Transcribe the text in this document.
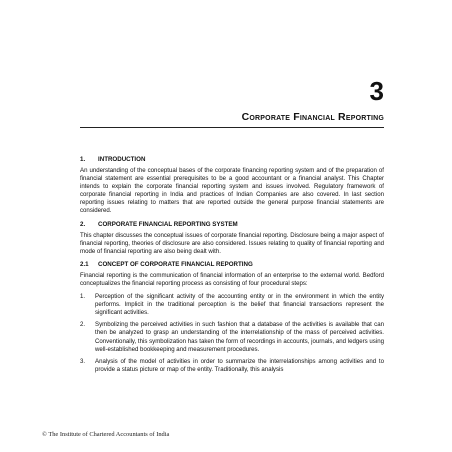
3
Corporate Financial Reporting
1.	INTRODUCTION
An understanding of the conceptual bases of the corporate financing reporting system and of the preparation of financial statement are essential prerequisites to be a good accountant or a financial analyst. This Chapter intends to explain the corporate financial reporting system and issues involved. Regulatory framework of corporate financial reporting in India and practices of Indian Companies are also covered. In last section reporting issues relating to matters that are reported outside the general purpose financial statements are considered.
2.	CORPORATE FINANCIAL REPORTING SYSTEM
This chapter discusses the conceptual issues of corporate financial reporting. Disclosure being a major aspect of financial reporting, theories of disclosure are also considered. Issues relating to quality of financial reporting and mode of financial reporting are also being dealt with.
2.1	CONCEPT OF CORPORATE FINANCIAL REPORTING
Financial reporting is the communication of financial information of an enterprise to the external world. Bedford conceptualizes the financial reporting process as consisting of four procedural steps:
1.	Perception of the significant activity of the accounting entity or in the environment in which the entity performs. Implicit in the traditional perception is the belief that financial transactions represent the significant activities.
2.	Symbolizing the perceived activities in such fashion that a database of the activities is available that can then be analyzed to grasp an understanding of the interrelationship of the mass of perceived activities. Conventionally, this symbolization has taken the form of recordings in accounts, journals, and ledgers using well-established bookkeeping and measurement procedures.
3.	Analysis of the model of activities in order to summarize the interrelationships among activities and to provide a status picture or map of the entity. Traditionally, this analysis
© The Institute of Chartered Accountants of India
